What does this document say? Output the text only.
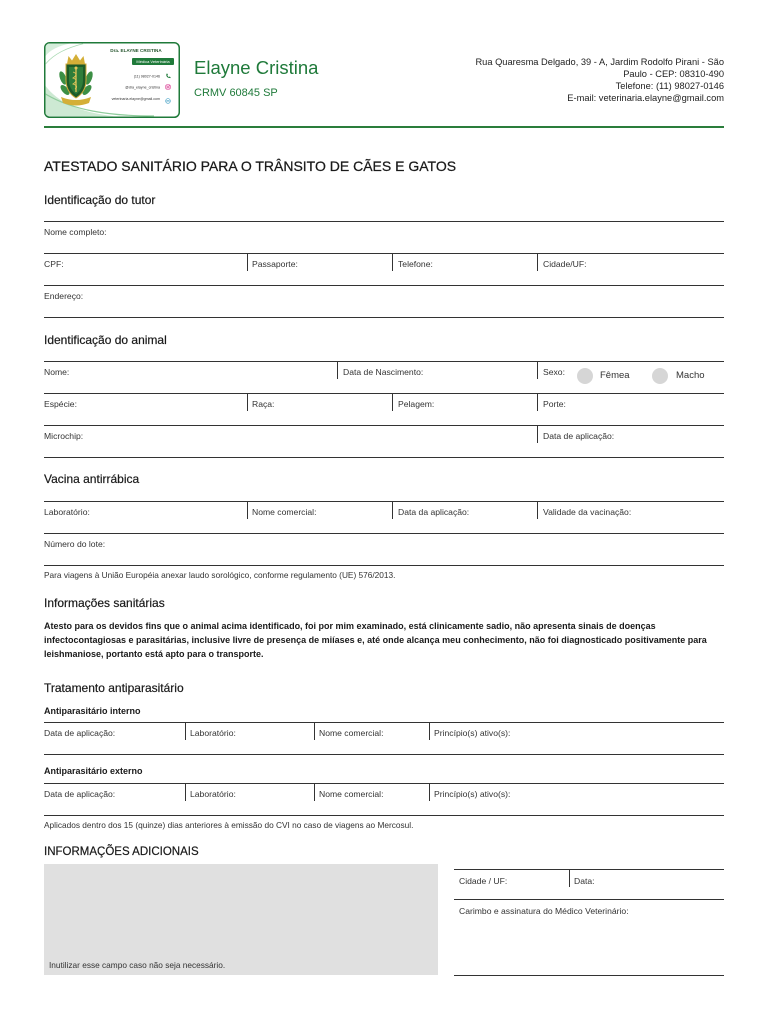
Dra. ELAYNE CRISTINA
Médica Veterinária
(11) 98027-0146
@dra_elayne_cristina
veterinaria.elayne@gmail.com
Elayne Cristina
CRMV 60845 SP
Rua Quaresma Delgado, 39 - A, Jardim Rodolfo Pirani - São
Paulo - CEP: 08310-490
Telefone: (11) 98027-0146
E-mail: veterinaria.elayne@gmail.com
ATESTADO SANITÁRIO PARA O TRÂNSITO DE CÃES E GATOS
Identificação do tutor
Nome completo:
CPF:	Passaporte:	Telefone:	Cidade/UF:
Endereço:
Identificação do animal
Nome:	Data de Nascimento:	Sexo:	Fêmea	Macho
Espécie:	Raça:	Pelagem:	Porte:
Microchip:	Data de aplicação:
Vacina antirrábica
Laboratório:	Nome comercial:	Data da aplicação:	Validade da vacinação:
Número do lote:
Para viagens à União Européia anexar laudo sorológico, conforme regulamento (UE) 576/2013.
Informações sanitárias
Atesto para os devidos fins que o animal acima identificado, foi por mim examinado, está clinicamente sadio, não apresenta sinais de doenças infectocontagiosas e parasitárias, inclusive livre de presença de miíases e, até onde alcança meu conhecimento, não foi diagnosticado positivamente para leishmaniose, portanto está apto para o transporte.
Tratamento antiparasitário
Antiparasitário interno
Data de aplicação:	Laboratório:	Nome comercial:	Princípio(s) ativo(s):
Antiparasitário externo
Data de aplicação:	Laboratório:	Nome comercial:	Princípio(s) ativo(s):
Aplicados dentro dos 15 (quinze) dias anteriores à emissão do CVI no caso de viagens ao Mercosul.
INFORMAÇÕES ADICIONAIS
Inutilizar esse campo caso não seja necessário.
Cidade / UF:	Data:
Carimbo e assinatura do Médico Veterinário:
